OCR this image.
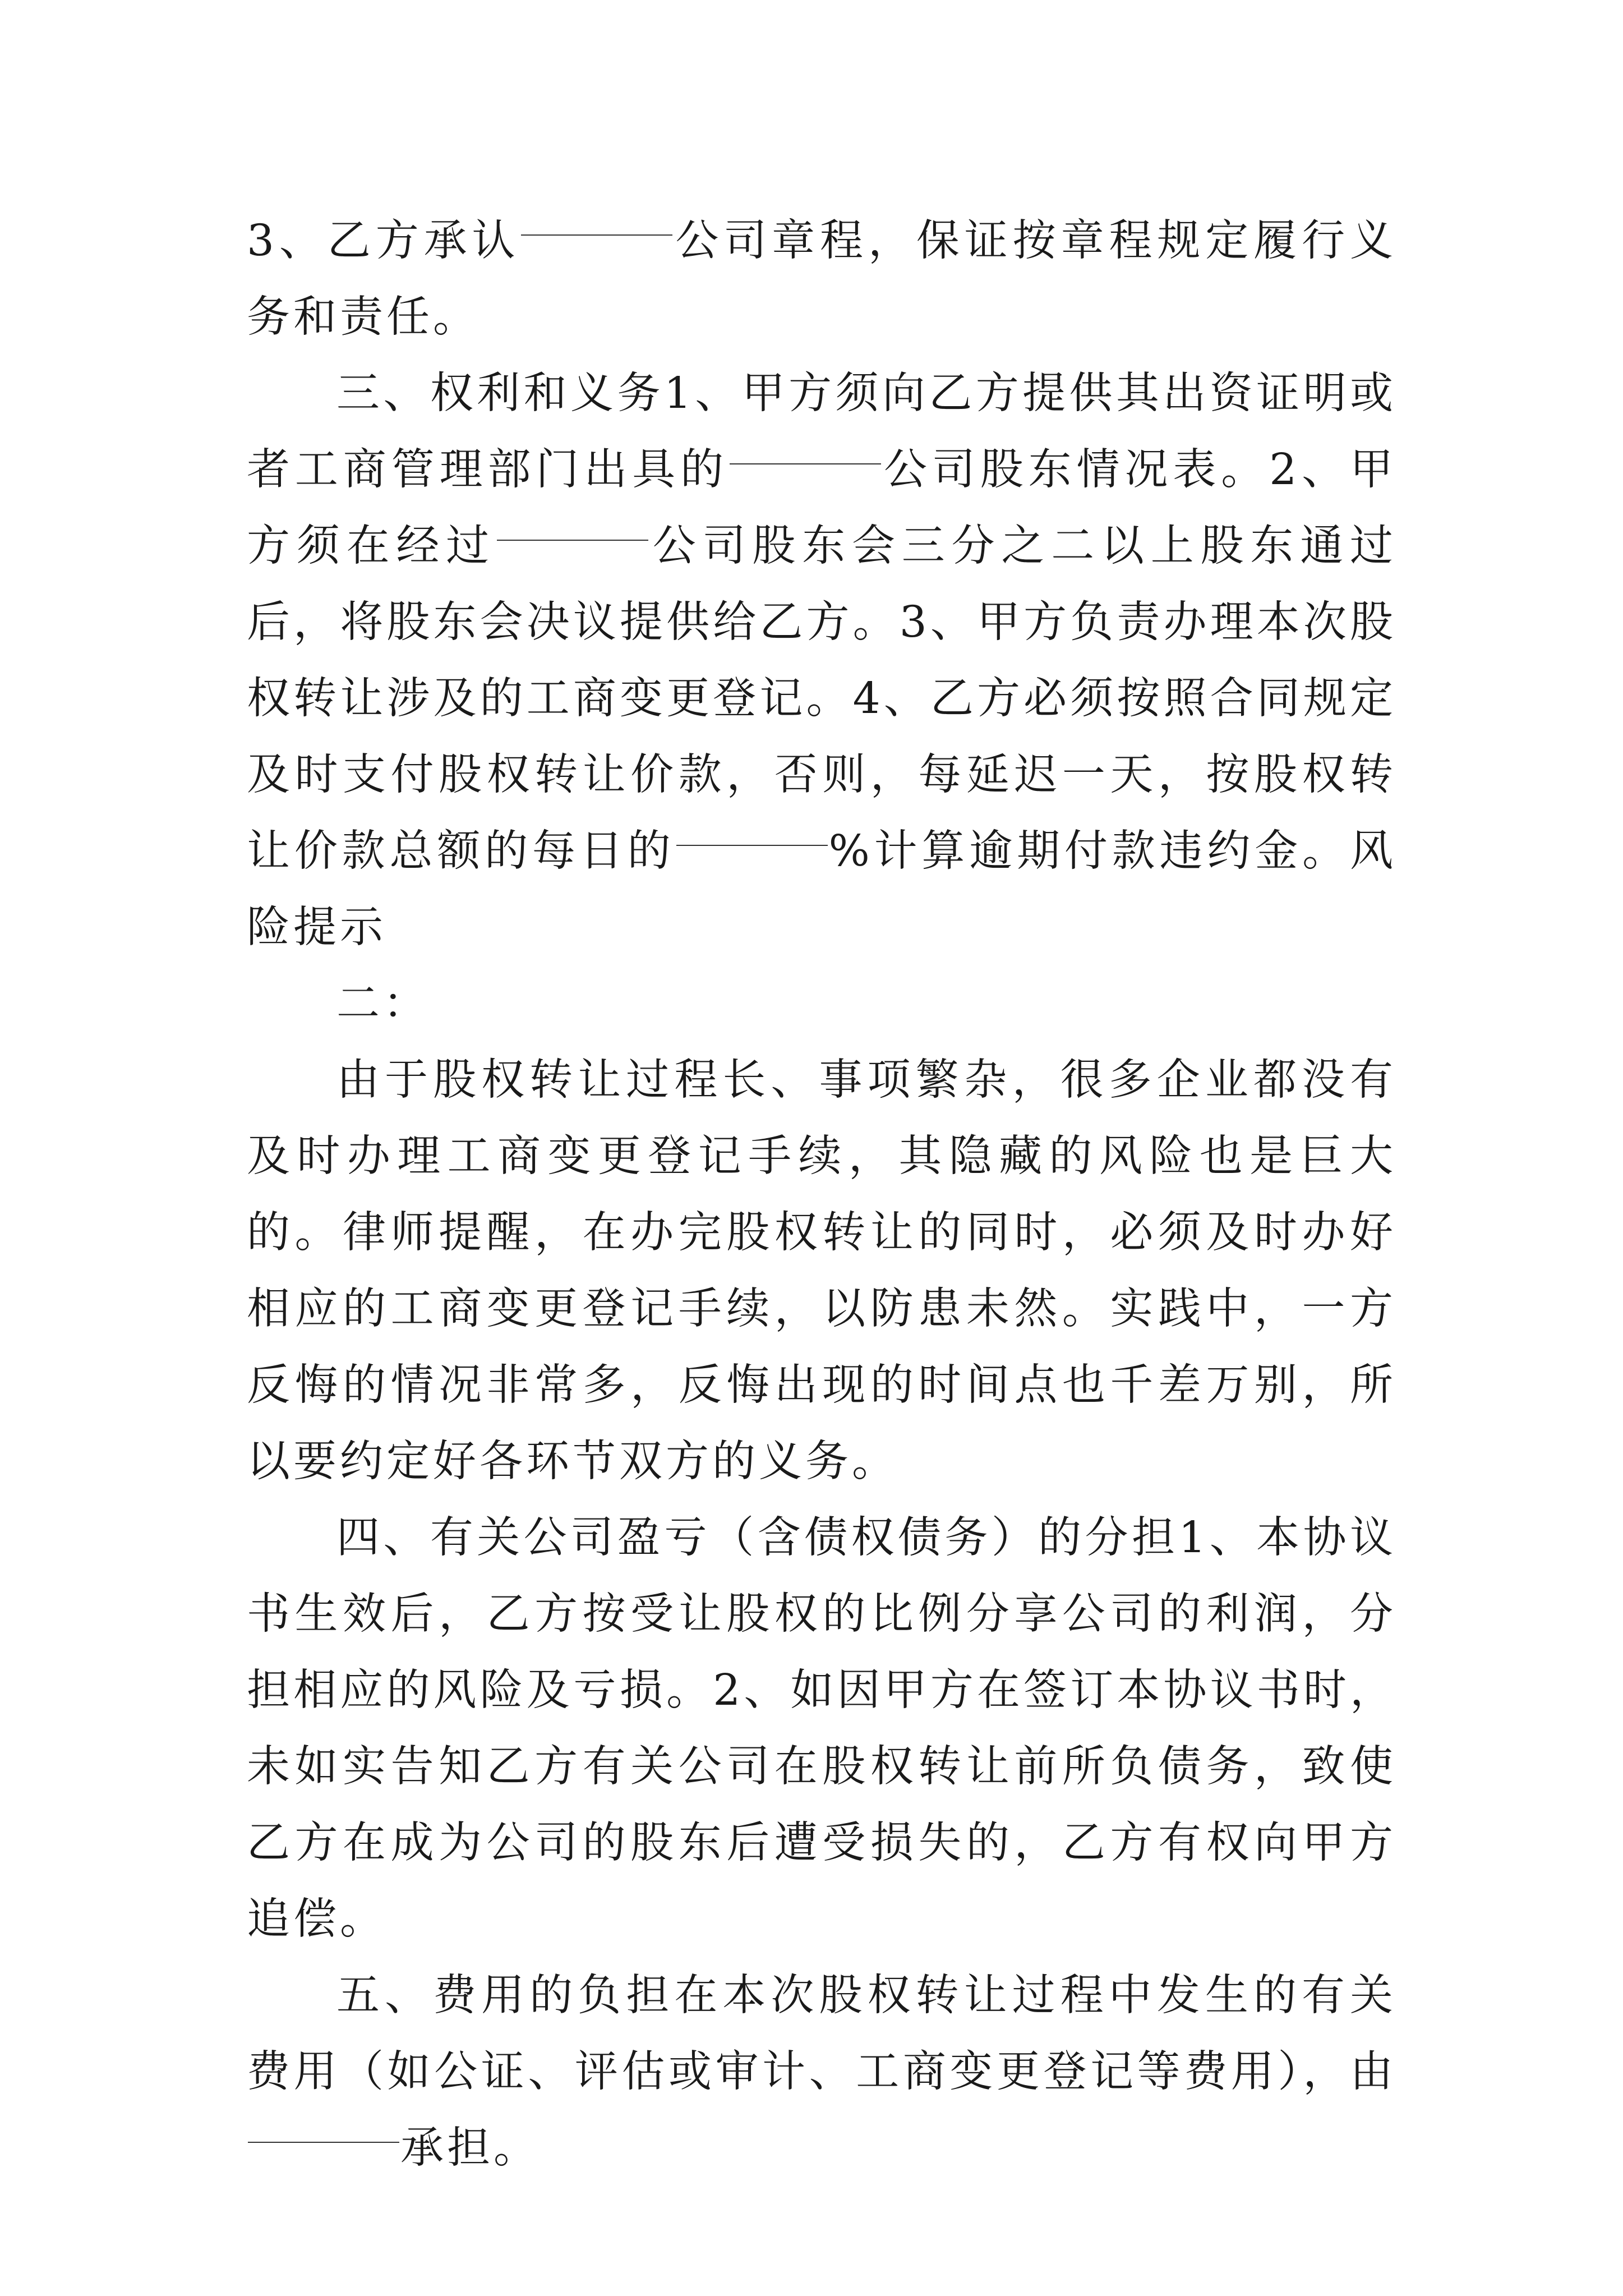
3、乙方承认	公司章程，保证按章程规定履行义务和责任。

三、权利和义务1、甲方须向乙方提供其出资证明或者工商管理部门出具的	公司股东情况表。2、甲方须在经过	公司股东会三分之二以上股东通过后，将股东会决议提供给乙方。3、甲方负责办理本次股权转让涉及的工商变更登记。4、乙方必须按照合同规定及时支付股权转让价款，否则，每延迟一天，按股权转让价款总额的每日的	%计算逾期付款违约金。风险提示

二：

由于股权转让过程长、事项繁杂，很多企业都没有及时办理工商变更登记手续，其隐藏的风险也是巨大的。律师提醒，在办完股权转让的同时，必须及时办好相应的工商变更登记手续，以防患未然。实践中，一方反悔的情况非常多，反悔出现的时间点也千差万别，所以要约定好各环节双方的义务。

四、有关公司盈亏（含债权债务）的分担1、本协议书生效后，乙方按受让股权的比例分享公司的利润，分担相应的风险及亏损。2、如因甲方在签订本协议书时，未如实告知乙方有关公司在股权转让前所负债务，致使乙方在成为公司的股东后遭受损失的，乙方有权向甲方追偿。

五、费用的负担在本次股权转让过程中发生的有关费用（如公证、评估或审计、工商变更登记等费用），由承担。
